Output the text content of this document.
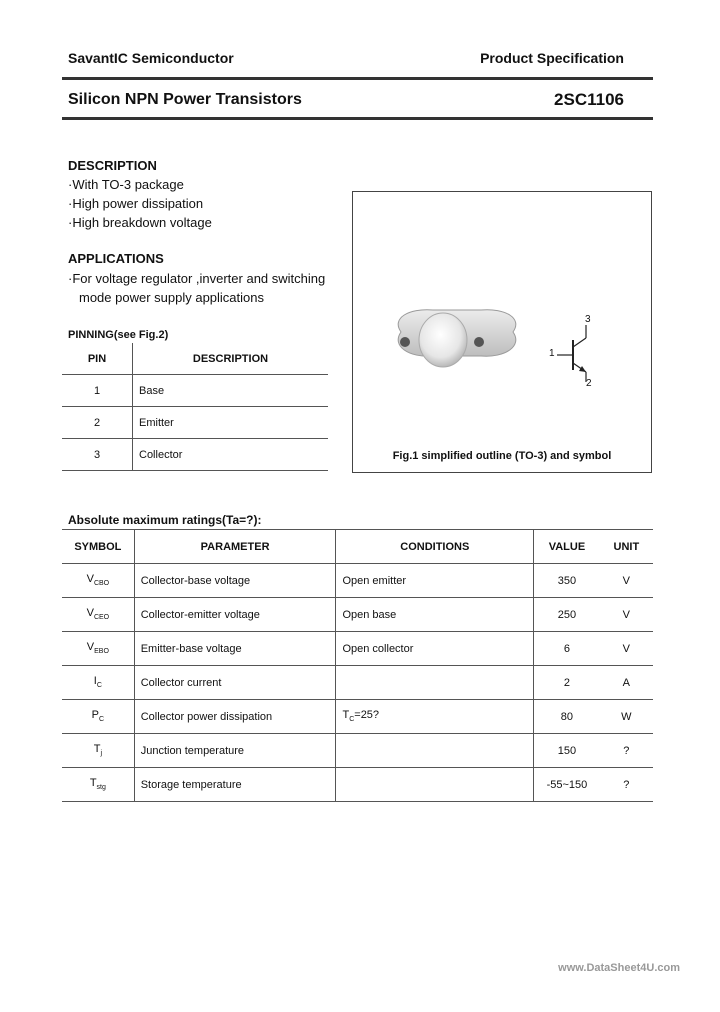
SavantIC Semiconductor	Product Specification
Silicon NPN Power Transistors	2SC1106
DESCRIPTION
·With TO-3 package
·High power dissipation
·High breakdown voltage
APPLICATIONS
·For voltage regulator ,inverter and switching
mode power supply applications
PINNING(see Fig.2)
PIN	DESCRIPTION
1	Base
2	Emitter
3	Collector
1
2
3
Fig.1 simplified outline (TO-3) and symbol
Absolute maximum ratings(Ta=?):
SYMBOL	PARAMETER	CONDITIONS	VALUE	UNIT
$V_{CBO}$	Collector-base voltage	Open emitter	350	V
$V_{CEO}$	Collector-emitter voltage	Open base	250	V
$V_{EBO}$	Emitter-base voltage	Open collector	6	V
$I_C$	Collector current		2	A
$P_C$	Collector power dissipation	$T_C=25$?	80	W
$T_j$	Junction temperature		150	?
$T_{stg}$	Storage temperature		-55~150	?
www.DataSheet4U.com
